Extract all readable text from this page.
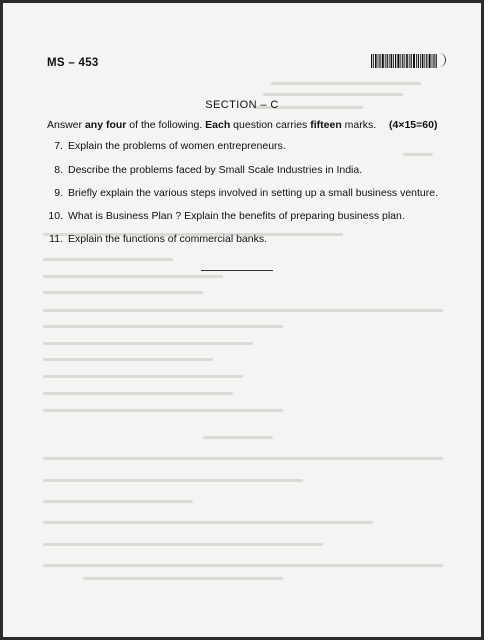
MS – 453
SECTION – C
Answer any four of the following. Each question carries fifteen marks.	(4×15=60)
7. Explain the problems of women entrepreneurs.
8. Describe the problems faced by Small Scale Industries in India.
9. Briefly explain the various steps involved in setting up a small business venture.
10. What is Business Plan ? Explain the benefits of preparing business plan.
11. Explain the functions of commercial banks.
